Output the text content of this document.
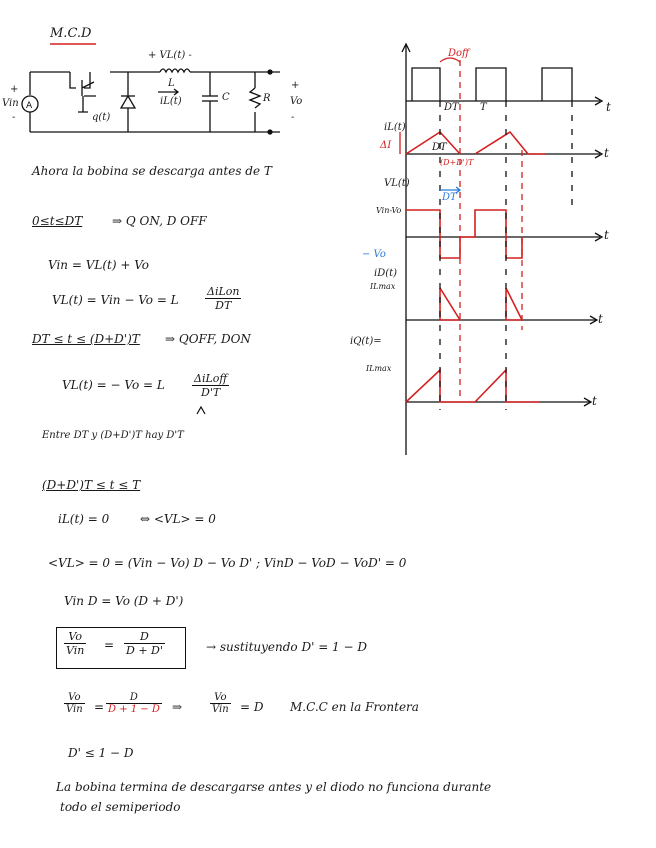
A
M.C.D
+
Vin
-
+ VL(t) -
L
iL(t)
q(t)
C	R
+
Vo
-
Ahora la bobina se descarga antes de T
0≤t≤DT ⇒ Q ON, D OFF
Vin = VL(t) + Vo
VL(t) = Vin − Vo = L
ΔiLon
DT
DT ≤ t ≤ (D+D')T ⇒ QOFF, DON
VL(t) = − Vo = L	ΔiLoff
D'T
Entre DT y (D+D')T hay D'T
(D+D')T ≤ t ≤ T
iL(t) = 0	⇔ <VL> = 0
<VL> = 0 = (Vin − Vo) D − Vo D' ; VinD − VoD − VoD' = 0
Vin D = Vo (D + D')
Vo
Vin = $\frac{D}{D + D'}$	→ sustituyendo D' = 1 − D
Vo
Vin = $\frac{D}{D + 1 - D}$ ⇒
Vo
Vin = D M.C.C en la Frontera
D' ≤ 1 − D
La bobina termina de descargarse antes y el diodo no funciona durante
todo el semiperiodo
Doff
t
DT T
iL(t)
ΔI	DT
(D+D')T
t
VL(t)
DT
Vin-Vo
− Vo
t
iD(t)
ILmax
t
iQ(t)=
ILmax
t
